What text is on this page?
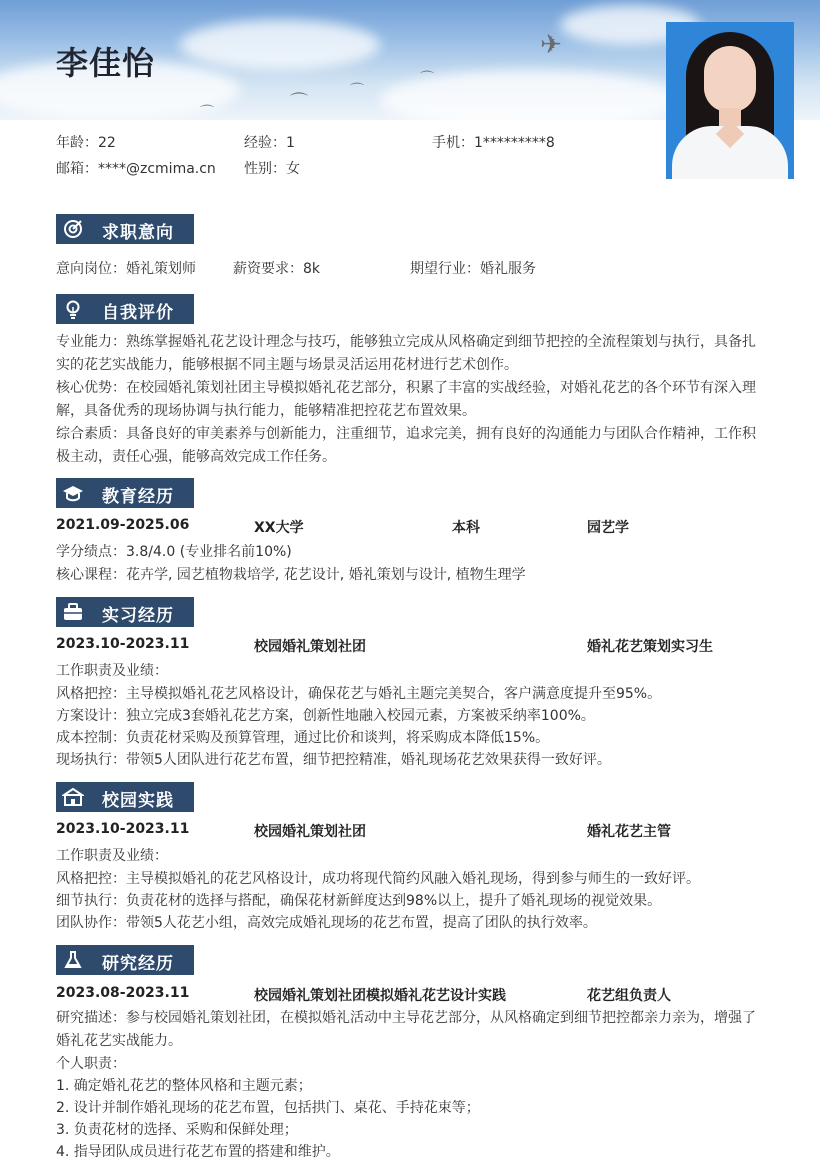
✈
⌒
⌒
⌒
⌒
李佳怡
年龄：22	经验：1	手机：1*********8
邮箱：****@zcmima.cn 性别：女
求职意向
意向岗位：婚礼策划师	薪资要求：8k	期望行业：婚礼服务
自我评价
专业能力：熟练掌握婚礼花艺设计理念与技巧，能够独立完成从风格确定到细节把控的全流程策划与执行，具备扎实的花艺实战能力，能够根据不同主题与场景灵活运用花材进行艺术创作。
核心优势：在校园婚礼策划社团主导模拟婚礼花艺部分，积累了丰富的实战经验，对婚礼花艺的各个环节有深入理解，具备优秀的现场协调与执行能力，能够精准把控花艺布置效果。
综合素质：具备良好的审美素养与创新能力，注重细节，追求完美，拥有良好的沟通能力与团队合作精神，工作积极主动，责任心强，能够高效完成工作任务。
教育经历
2021.09-2025.06	XX大学	本科	园艺学
学分绩点：3.8/4.0 (专业排名前10%)
核心课程：花卉学, 园艺植物栽培学, 花艺设计, 婚礼策划与设计, 植物生理学
实习经历
2023.10-2023.11	校园婚礼策划社团	婚礼花艺策划实习生
工作职责及业绩：
风格把控：主导模拟婚礼花艺风格设计，确保花艺与婚礼主题完美契合，客户满意度提升至95%。
方案设计：独立完成3套婚礼花艺方案，创新性地融入校园元素，方案被采纳率100%。
成本控制：负责花材采购及预算管理，通过比价和谈判，将采购成本降低15%。
现场执行：带领5人团队进行花艺布置，细节把控精准，婚礼现场花艺效果获得一致好评。
校园实践
2023.10-2023.11	校园婚礼策划社团	婚礼花艺主管
工作职责及业绩：
风格把控：主导模拟婚礼的花艺风格设计，成功将现代简约风融入婚礼现场，得到参与师生的一致好评。
细节执行：负责花材的选择与搭配，确保花材新鲜度达到98%以上，提升了婚礼现场的视觉效果。
团队协作：带领5人花艺小组，高效完成婚礼现场的花艺布置，提高了团队的执行效率。
研究经历
2023.08-2023.11	校园婚礼策划社团模拟婚礼花艺设计实践	花艺组负责人
研究描述：参与校园婚礼策划社团，在模拟婚礼活动中主导花艺部分，从风格确定到细节把控都亲力亲为，增强了婚礼花艺实战能力。
个人职责：
1. 确定婚礼花艺的整体风格和主题元素；
2. 设计并制作婚礼现场的花艺布置，包括拱门、桌花、手持花束等；
3. 负责花材的选择、采购和保鲜处理；
4. 指导团队成员进行花艺布置的搭建和维护。
